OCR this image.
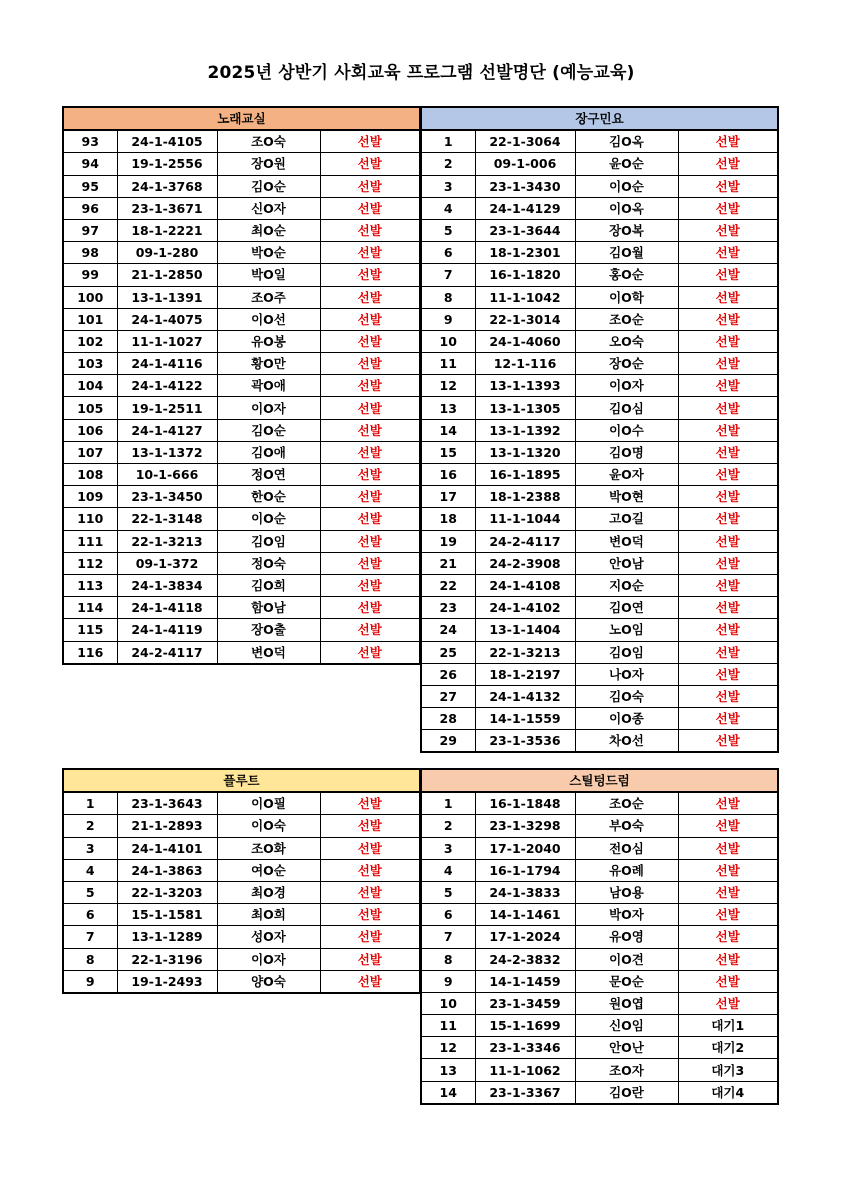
2025년 상반기 사회교육 프로그램 선발명단 (예능교육)
노래교실			
93	24-1-4105	조O숙	선발
94	19-1-2556	장O원	선발
95	24-1-3768	김O순	선발
96	23-1-3671	신O자	선발
97	18-1-2221	최O순	선발
98	09-1-280	박O순	선발
99	21-1-2850	박O일	선발
100	13-1-1391	조O주	선발
101	24-1-4075	이O선	선발
102	11-1-1027	유O봉	선발
103	24-1-4116	황O만	선발
104	24-1-4122	곽O애	선발
105	19-1-2511	이O자	선발
106	24-1-4127	김O순	선발
107	13-1-1372	김O애	선발
108	10-1-666	정O연	선발
109	23-1-3450	한O순	선발
110	22-1-3148	이O순	선발
111	22-1-3213	김O임	선발
112	09-1-372	정O숙	선발
113	24-1-3834	김O희	선발
114	24-1-4118	함O남	선발
115	24-1-4119	장O출	선발
116	24-2-4117	변O덕	선발
장구민요			
1	22-1-3064	김O옥	선발
2	09-1-006	윤O순	선발
3	23-1-3430	이O순	선발
4	24-1-4129	이O옥	선발
5	23-1-3644	장O복	선발
6	18-1-2301	김O월	선발
7	16-1-1820	홍O순	선발
8	11-1-1042	이O학	선발
9	22-1-3014	조O순	선발
10	24-1-4060	오O숙	선발
11	12-1-116	장O순	선발
12	13-1-1393	이O자	선발
13	13-1-1305	김O심	선발
14	13-1-1392	이O수	선발
15	13-1-1320	김O명	선발
16	16-1-1895	윤O자	선발
17	18-1-2388	박O현	선발
18	11-1-1044	고O길	선발
19	24-2-4117	변O덕	선발
21	24-2-3908	안O남	선발
22	24-1-4108	지O순	선발
23	24-1-4102	김O연	선발
24	13-1-1404	노O임	선발
25	22-1-3213	김O임	선발
26	18-1-2197	나O자	선발
27	24-1-4132	김O숙	선발
28	14-1-1559	이O종	선발
29	23-1-3536	차O선	선발
플루트			
1	23-1-3643	이O필	선발
2	21-1-2893	이O숙	선발
3	24-1-4101	조O화	선발
4	24-1-3863	여O순	선발
5	22-1-3203	최O경	선발
6	15-1-1581	최O희	선발
7	13-1-1289	성O자	선발
8	22-1-3196	이O자	선발
9	19-1-2493	양O숙	선발
스틸텅드럼			
1	16-1-1848	조O순	선발
2	23-1-3298	부O숙	선발
3	17-1-2040	전O심	선발
4	16-1-1794	유O례	선발
5	24-1-3833	남O용	선발
6	14-1-1461	박O자	선발
7	17-1-2024	유O영	선발
8	24-2-3832	이O견	선발
9	14-1-1459	문O순	선발
10	23-1-3459	원O엽	선발
11	15-1-1699	신O임	대기1
12	23-1-3346	안O난	대기2
13	11-1-1062	조O자	대기3
14	23-1-3367	김O란	대기4
